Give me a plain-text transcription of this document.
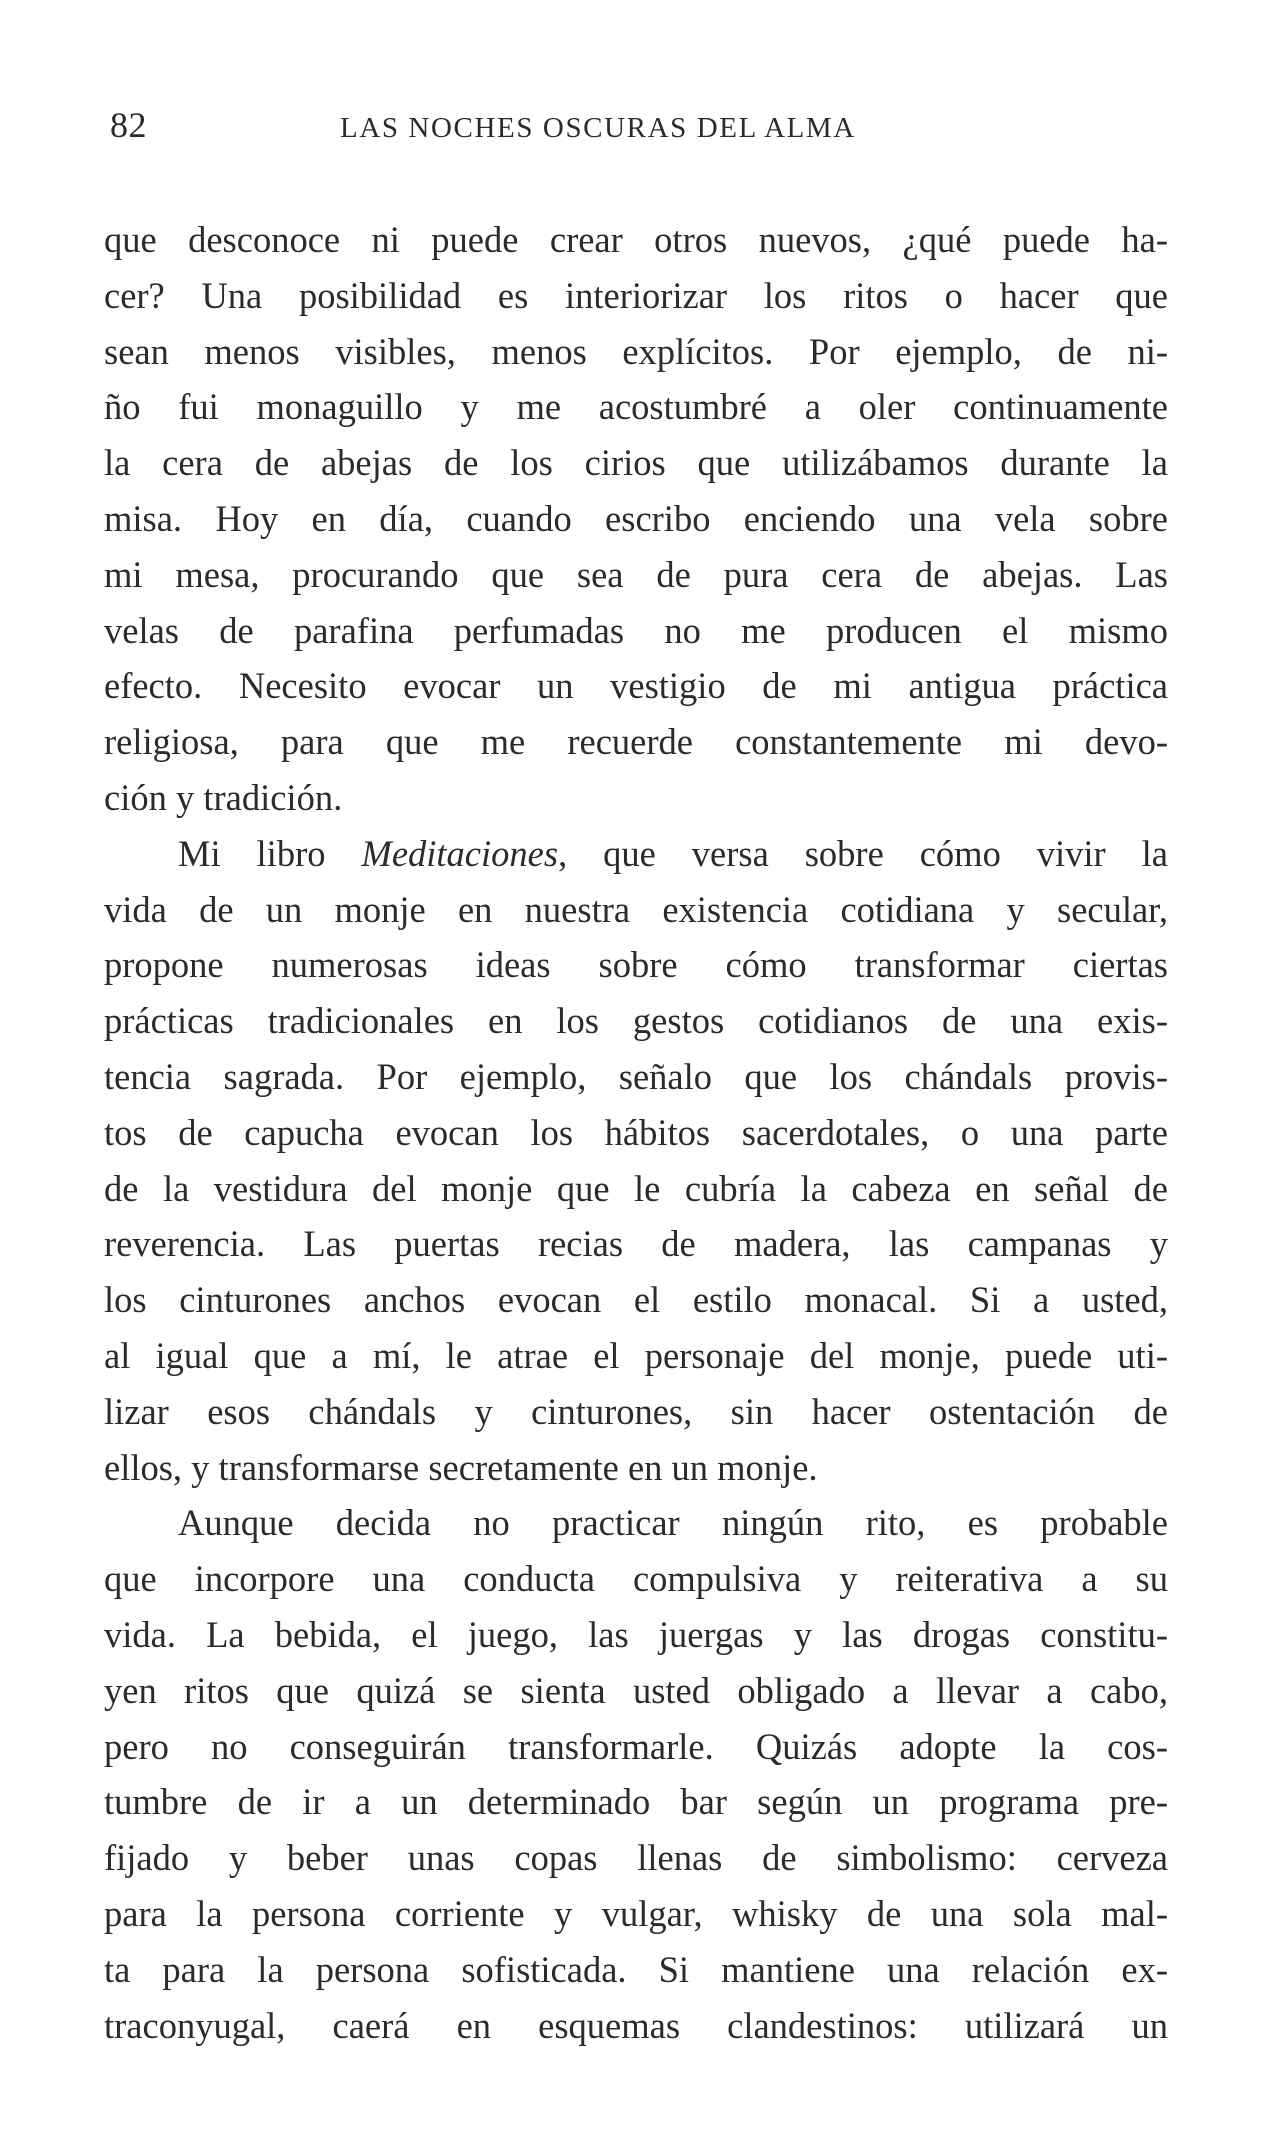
82	LAS NOCHES OSCURAS DEL ALMA
que desconoce ni puede crear otros nuevos, ¿qué puede ha-
cer? Una posibilidad es interiorizar los ritos o hacer que
sean menos visibles, menos explícitos. Por ejemplo, de ni-
ño fui monaguillo y me acostumbré a oler continuamente
la cera de abejas de los cirios que utilizábamos durante la
misa. Hoy en día, cuando escribo enciendo una vela sobre
mi mesa, procurando que sea de pura cera de abejas. Las
velas de parafina perfumadas no me producen el mismo
efecto. Necesito evocar un vestigio de mi antigua práctica
religiosa, para que me recuerde constantemente mi devo-
ción y tradición.
Mi libro Meditaciones, que versa sobre cómo vivir la
vida de un monje en nuestra existencia cotidiana y secular,
propone numerosas ideas sobre cómo transformar ciertas
prácticas tradicionales en los gestos cotidianos de una exis-
tencia sagrada. Por ejemplo, señalo que los chándals provis-
tos de capucha evocan los hábitos sacerdotales, o una parte
de la vestidura del monje que le cubría la cabeza en señal de
reverencia. Las puertas recias de madera, las campanas y
los cinturones anchos evocan el estilo monacal. Si a usted,
al igual que a mí, le atrae el personaje del monje, puede uti-
lizar esos chándals y cinturones, sin hacer ostentación de
ellos, y transformarse secretamente en un monje.
Aunque decida no practicar ningún rito, es probable
que incorpore una conducta compulsiva y reiterativa a su
vida. La bebida, el juego, las juergas y las drogas constitu-
yen ritos que quizá se sienta usted obligado a llevar a cabo,
pero no conseguirán transformarle. Quizás adopte la cos-
tumbre de ir a un determinado bar según un programa pre-
fijado y beber unas copas llenas de simbolismo: cerveza
para la persona corriente y vulgar, whisky de una sola mal-
ta para la persona sofisticada. Si mantiene una relación ex-
traconyugal, caerá en esquemas clandestinos: utilizará un
